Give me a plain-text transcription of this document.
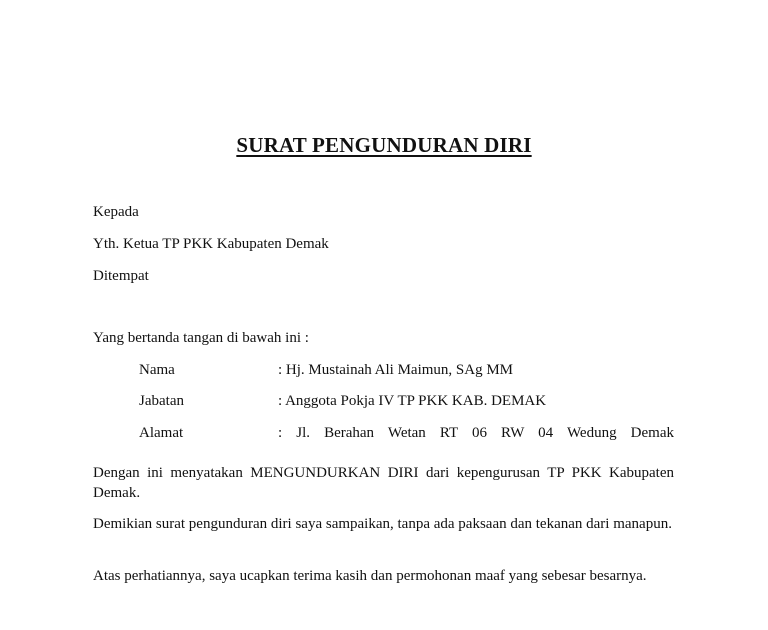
SURAT PENGUNDURAN DIRI
Kepada
Yth. Ketua TP PKK Kabupaten Demak
Ditempat
Yang bertanda tangan di bawah ini :
Nama	: Hj. Mustainah Ali Maimun, SAg MM
Jabatan	: Anggota Pokja IV TP PKK KAB. DEMAK
Alamat	: Jl. Berahan Wetan RT 06 RW 04 Wedung Demak
Dengan ini menyatakan MENGUNDURKAN DIRI dari kepengurusan TP PKK Kabupaten Demak.
Demikian surat pengunduran diri saya sampaikan, tanpa ada paksaan dan tekanan dari manapun.
Atas perhatiannya, saya ucapkan terima kasih dan permohonan maaf yang sebesar besarnya.
